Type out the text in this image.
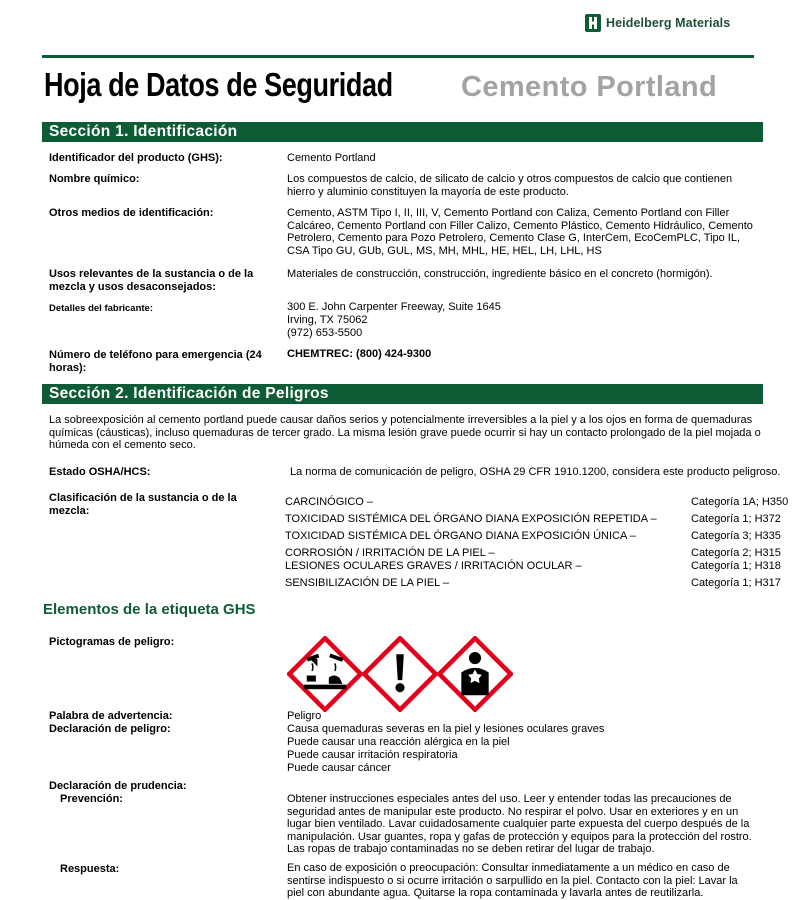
Heidelberg Materials
Hoja de Datos de Seguridad	Cemento Portland
Sección 1. Identificación
Identificador del producto (GHS):	Cemento Portland
Nombre químico:	Los compuestos de calcio, de silicato de calcio y otros compuestos de calcio que contienen hierro y aluminio constituyen la mayoría de este producto.
Otros medios de identificación:	Cemento, ASTM Tipo I, II, III, V, Cemento Portland con Caliza, Cemento Portland con Filler Calcáreo, Cemento Portland con Filler Calizo, Cemento Plástico, Cemento Hidráulico, Cemento Petrolero, Cemento para Pozo Petrolero, Cemento Clase G, InterCem, EcoCemPLC, Tipo IL, CSA Tipo GU, GUb, GUL, MS, MH, MHL, HE, HEL, LH, LHL, HS
Usos relevantes de la sustancia o de la mezcla y usos desaconsejados:
Materiales de construcción, construcción, ingrediente básico en el concreto (hormigón).
Detalles del fabricante:	300 E. John Carpenter Freeway, Suite 1645
Irving, TX 75062
(972) 653-5500
Número de teléfono para emergencia (24 horas):
CHEMTREC: (800) 424-9300
Sección 2. Identificación de Peligros
La sobreexposición al cemento portland puede causar daños serios y potencialmente irreversibles a la piel y a los ojos en forma de quemaduras químicas (cáusticas), incluso quemaduras de tercer grado. La misma lesión grave puede ocurrir si hay un contacto prolongado de la piel mojada o húmeda con el cemento seco.
Estado OSHA/HCS:	La norma de comunicación de peligro, OSHA 29 CFR 1910.1200, considera este producto peligroso.
Clasificación de la sustancia o de la mezcla:
CARCINÓGICO –	Categoría 1A; H350
TOXICIDAD SISTÉMICA DEL ÓRGANO DIANA EXPOSICIÓN REPETIDA –	Categoría 1; H372
TOXICIDAD SISTÉMICA DEL ÓRGANO DIANA EXPOSICIÓN ÚNICA –	Categoría 3; H335
CORROSIÓN / IRRITACIÓN DE LA PIEL –	Categoría 2; H315
LESIONES OCULARES GRAVES / IRRITACIÓN OCULAR –	Categoría 1; H318
SENSIBILIZACIÓN DE LA PIEL –	Categoría 1; H317
Elementos de la etiqueta GHS
Pictogramas de peligro:
Palabra de advertencia:	Peligro
Declaración de peligro:	Causa quemaduras severas en la piel y lesiones oculares graves
Puede causar una reacción alérgica en la piel
Puede causar irritación respiratoria
Puede causar cáncer
Declaración de prudencia:
Prevención:	Obtener instrucciones especiales antes del uso. Leer y entender todas las precauciones de seguridad antes de manipular este producto. No respirar el polvo. Usar en exteriores y en un lugar bien ventilado. Lavar cuidadosamente cualquier parte expuesta del cuerpo después de la manipulación. Usar guantes, ropa y gafas de protección y equipos para la protección del rostro. Las ropas de trabajo contaminadas no se deben retirar del lugar de trabajo.
Respuesta:	En caso de exposición o preocupación: Consultar inmediatamente a un médico en caso de sentirse indispuesto o si ocurre irritación o sarpullido en la piel. Contacto con la piel: Lavar la piel con abundante agua. Quitarse la ropa contaminada y lavarla antes de reutilizarla.
